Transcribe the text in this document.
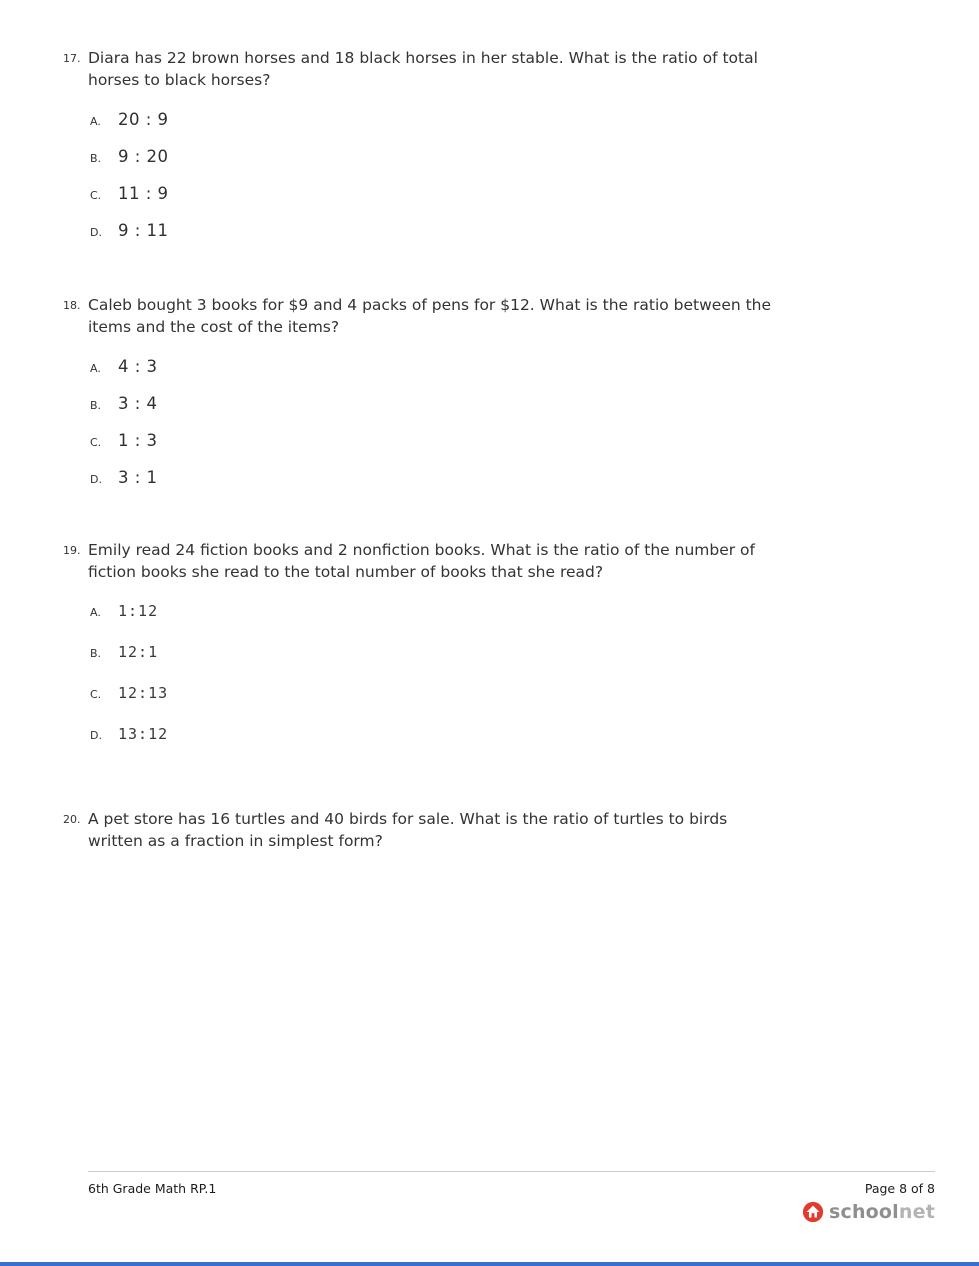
17. Diara has 22 brown horses and 18 black horses in her stable. What is the ratio of total horses to black horses?
A.	20 : 9
B.	9 : 20
C.	11 : 9
D. 9 : 11
18. Caleb bought 3 books for $9 and 4 packs of pens for $12. What is the ratio between the items and the cost of the items?
A.	4 : 3
B.	3 : 4
C.	1 : 3
D. 3 : 1
19. Emily read 24 fiction books and 2 nonfiction books. What is the ratio of the number of fiction books she read to the total number of books that she read?
A.	1:12
B.	12:1
C.	12:13
D.	13:12
20. A pet store has 16 turtles and 40 birds for sale. What is the ratio of turtles to birds written as a fraction in simplest form?
6th Grade Math RP.1	Page 8 of 8
schoolnet
